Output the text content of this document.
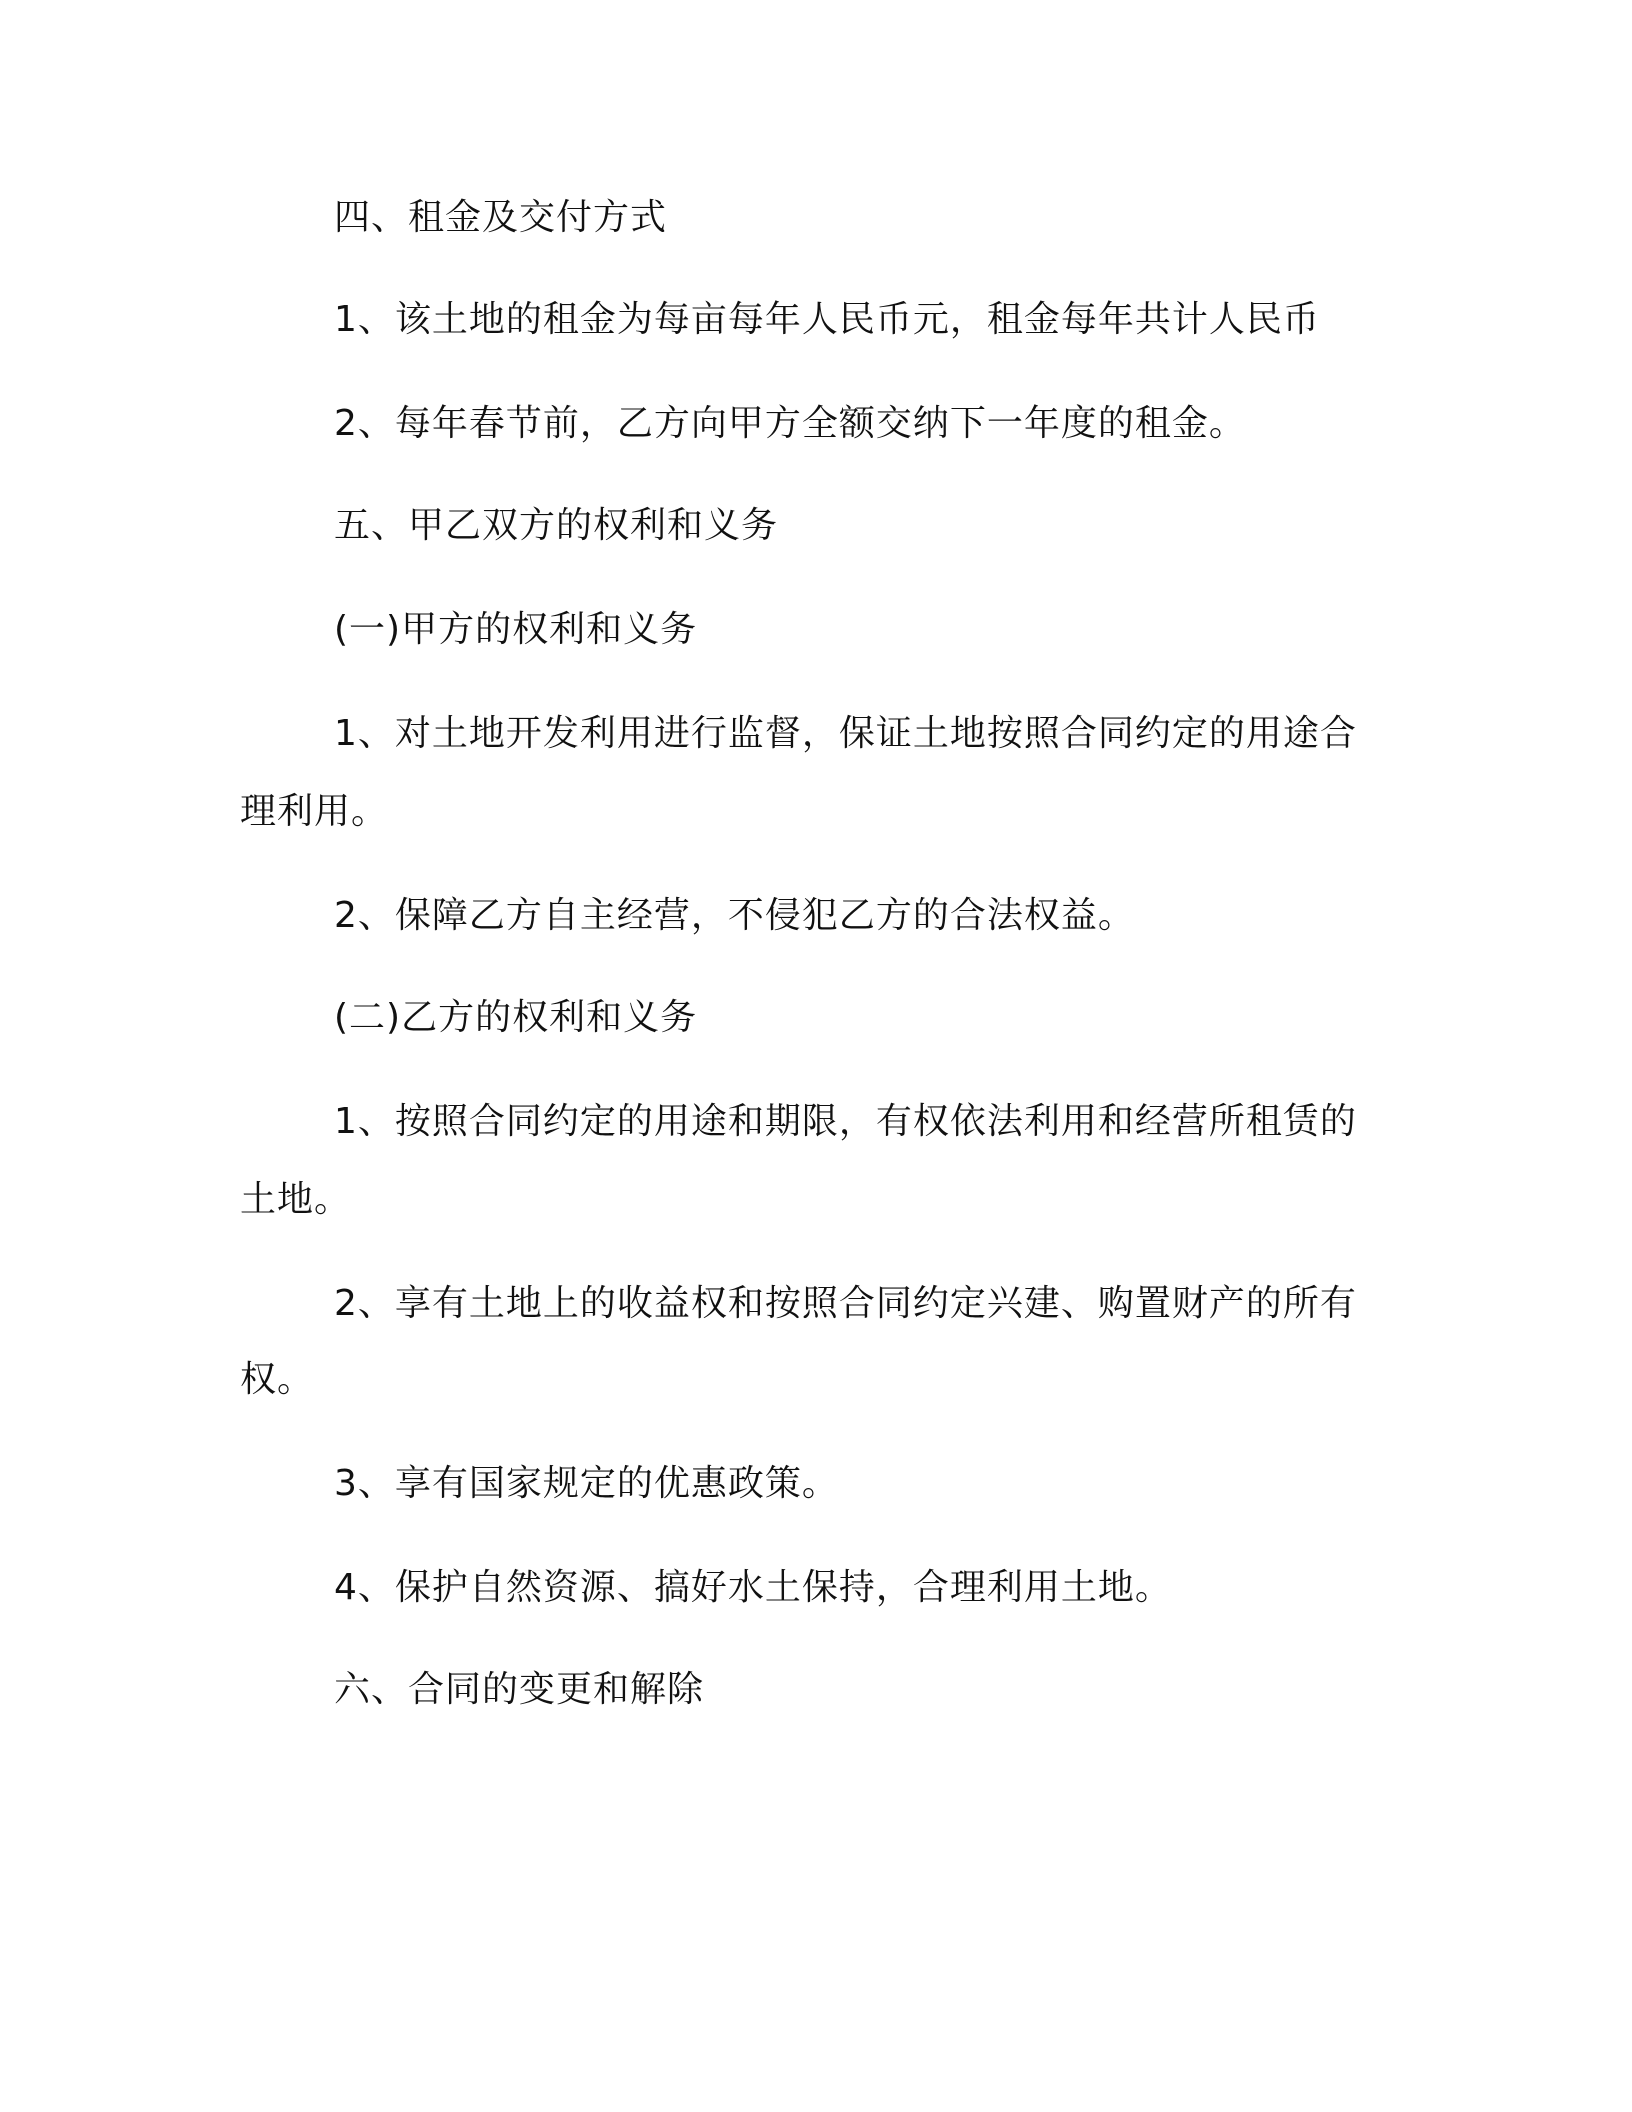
四、租金及交付方式
1、该土地的租金为每亩每年人民币元，租金每年共计人民币
2、每年春节前，乙方向甲方全额交纳下一年度的租金。
五、甲乙双方的权利和义务
(一)甲方的权利和义务
1、对土地开发利用进行监督，保证土地按照合同约定的用途合
理利用。
2、保障乙方自主经营，不侵犯乙方的合法权益。
(二)乙方的权利和义务
1、按照合同约定的用途和期限，有权依法利用和经营所租赁的
土地。
2、享有土地上的收益权和按照合同约定兴建、购置财产的所有
权。
3、享有国家规定的优惠政策。
4、保护自然资源、搞好水土保持，合理利用土地。
六、合同的变更和解除
